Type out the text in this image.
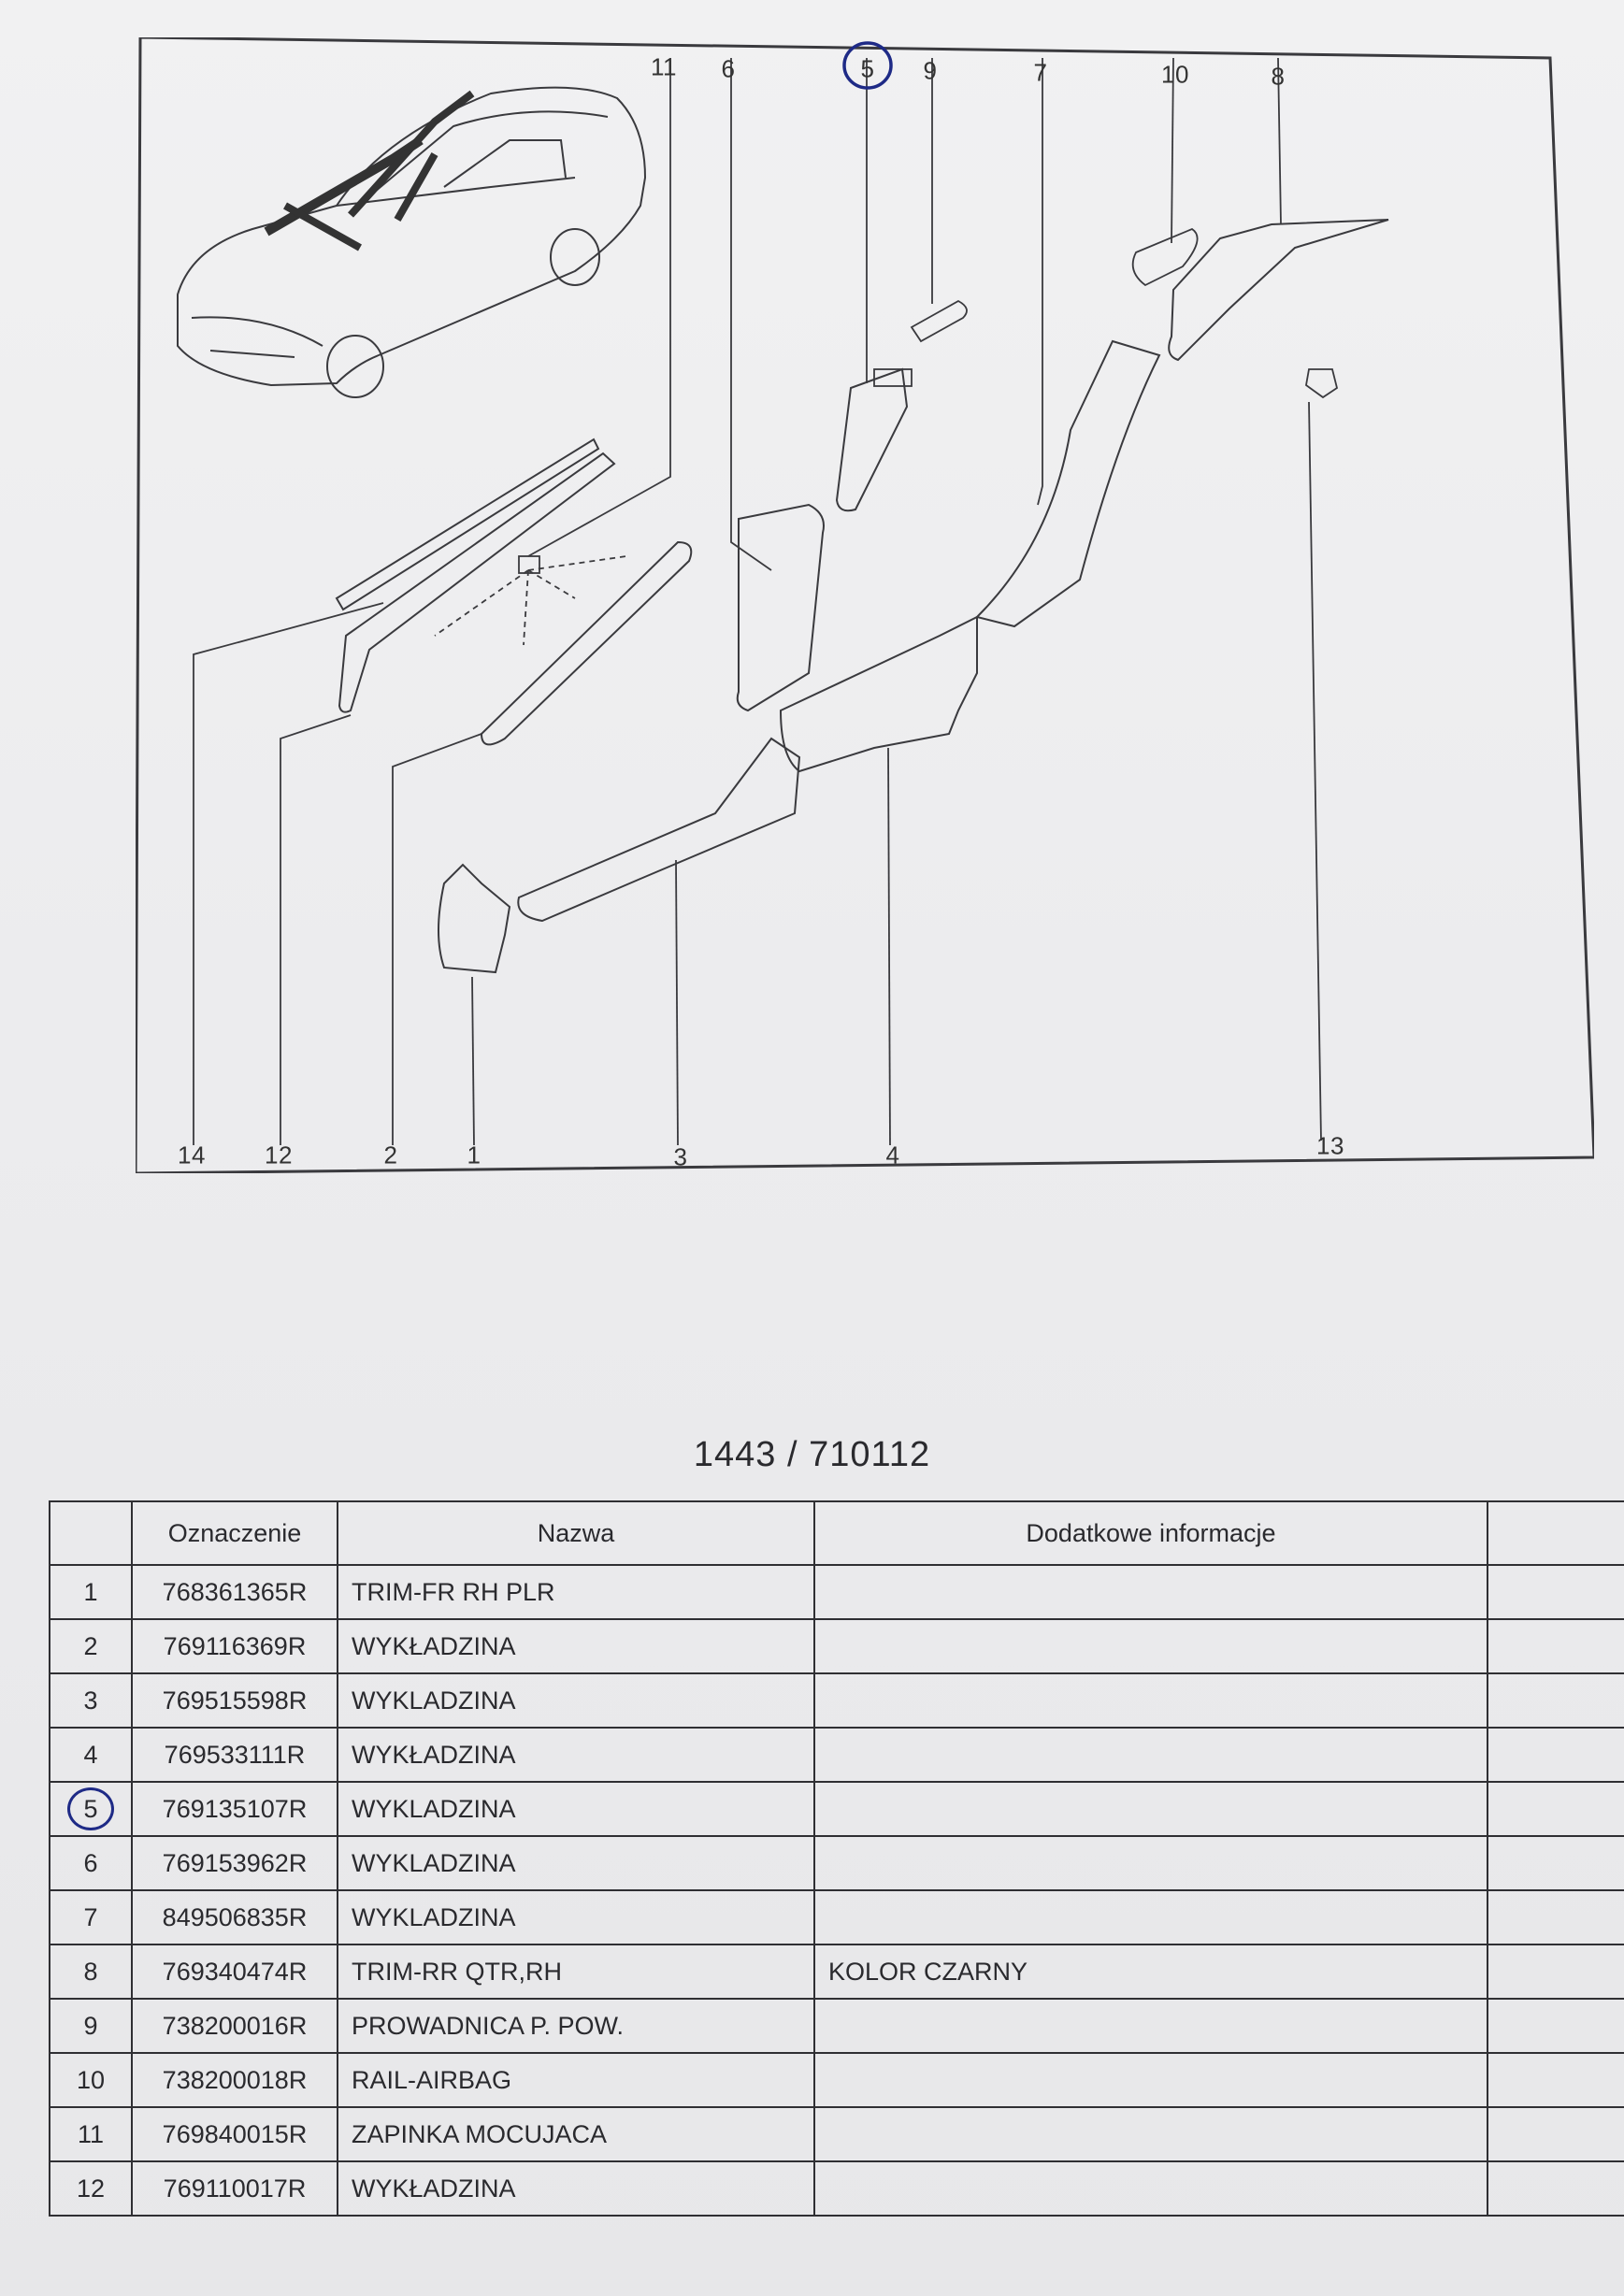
11 6	5 9	7	10	8
14 12	2	1	3	4	13
1443 / 710112
	Oznaczenie	Nazwa	Dodatkowe informacje	
1	768361365R	TRIM-FR RH PLR		
2	769116369R	WYKŁADZINA		
3	769515598R	WYKLADZINA		
4	769533111R	WYKŁADZINA		
5	769135107R	WYKLADZINA		
6	769153962R	WYKLADZINA		
7	849506835R	WYKLADZINA		
8	769340474R	TRIM-RR QTR,RH	KOLOR CZARNY	
9	738200016R	PROWADNICA P. POW.		
10	738200018R	RAIL-AIRBAG		
11	769840015R	ZAPINKA MOCUJACA		
12	769110017R	WYKŁADZINA		
